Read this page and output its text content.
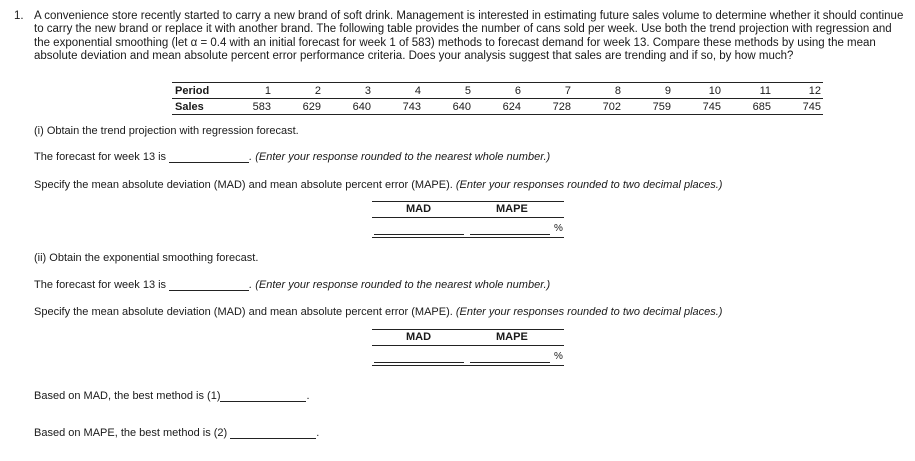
1. A convenience store recently started to carry a new brand of soft drink. Management is interested in estimating future sales volume to determine whether it should continue to carry the new brand or replace it with another brand. The following table provides the number of cans sold per week. Use both the trend projection with regression and the exponential smoothing (let α = 0.4 with an initial forecast for week 1 of 583) methods to forecast demand for week 13. Compare these methods by using the mean absolute deviation and mean absolute percent error performance criteria. Does your analysis suggest that sales are trending and if so, by how much?
Period	1	2	3	4	5	6	7	8	9	10	11	12
Sales	583	629	640	743	640	624	728	702	759	745	685	745
(i) Obtain the trend projection with regression forecast.
The forecast for week 13 is	. (Enter your response rounded to the nearest whole number.)
Specify the mean absolute deviation (MAD) and mean absolute percent error (MAPE). (Enter your responses rounded to two decimal places.)
MAD	MAPE
%
(ii) Obtain the exponential smoothing forecast.
The forecast for week 13 is	. (Enter your response rounded to the nearest whole number.)
Specify the mean absolute deviation (MAD) and mean absolute percent error (MAPE). (Enter your responses rounded to two decimal places.)
MAD	MAPE
%
Based on MAD, the best method is (1)	.
Based on MAPE, the best method is (2)	.
